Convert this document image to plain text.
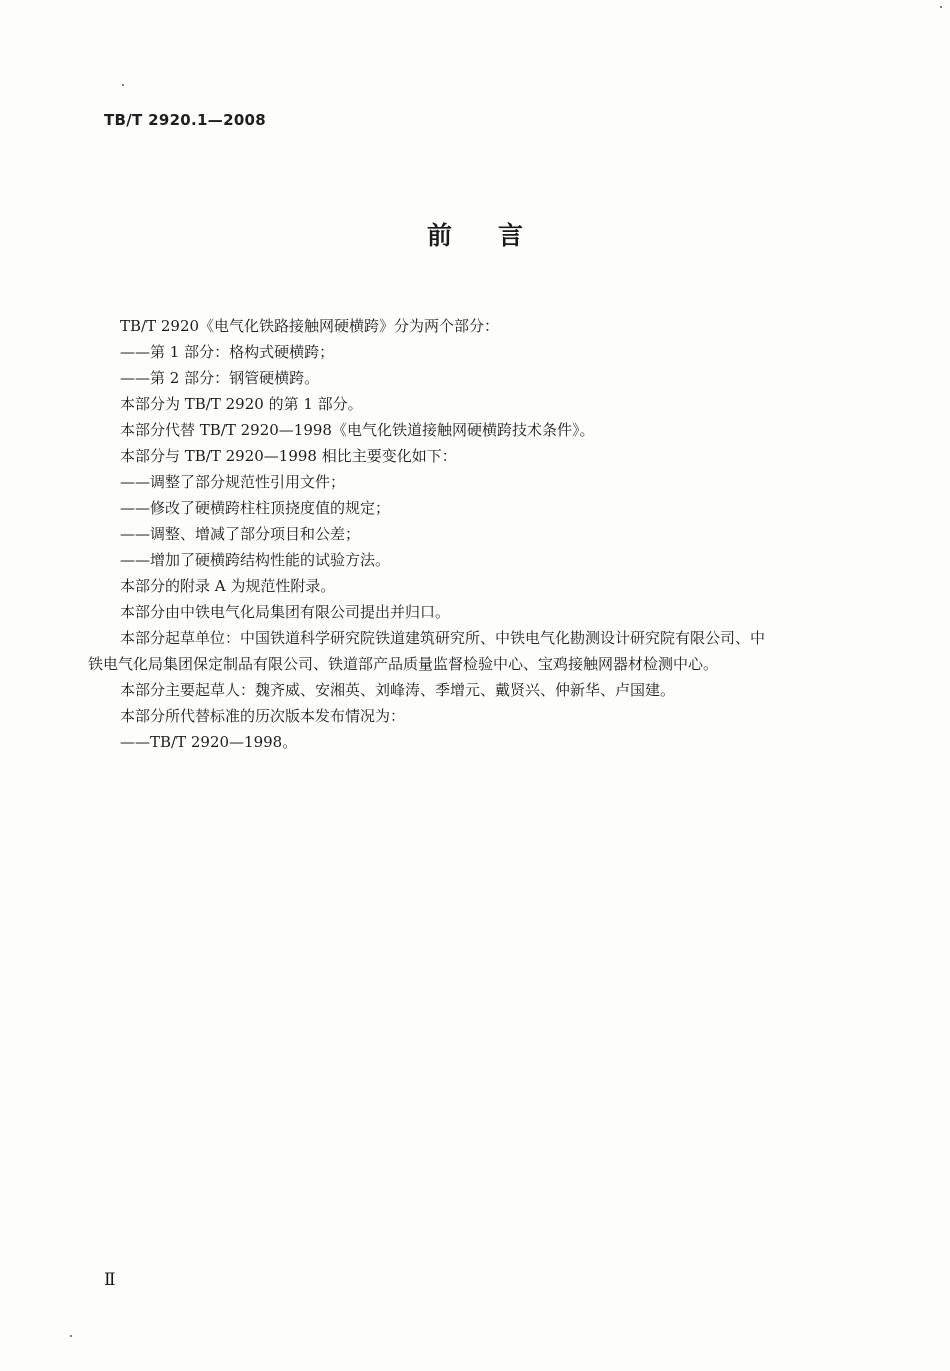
TB/T 2920.1—2008
前言
TB/T 2920《电气化铁路接触网硬横跨》分为两个部分：
——第 1 部分：格构式硬横跨；
——第 2 部分：钢管硬横跨。
本部分为 TB/T 2920 的第 1 部分。
本部分代替 TB/T 2920—1998《电气化铁道接触网硬横跨技术条件》。
本部分与 TB/T 2920—1998 相比主要变化如下：
——调整了部分规范性引用文件；
——修改了硬横跨柱柱顶挠度值的规定；
——调整、增减了部分项目和公差；
——增加了硬横跨结构性能的试验方法。
本部分的附录 A 为规范性附录。
本部分由中铁电气化局集团有限公司提出并归口。
本部分起草单位：中国铁道科学研究院铁道建筑研究所、中铁电气化勘测设计研究院有限公司、中
铁电气化局集团保定制品有限公司、铁道部产品质量监督检验中心、宝鸡接触网器材检测中心。
本部分主要起草人：魏齐威、安湘英、刘峰涛、季增元、戴贤兴、仲新华、卢国建。
本部分所代替标准的历次版本发布情况为：
——TB/T 2920—1998。
Ⅱ
